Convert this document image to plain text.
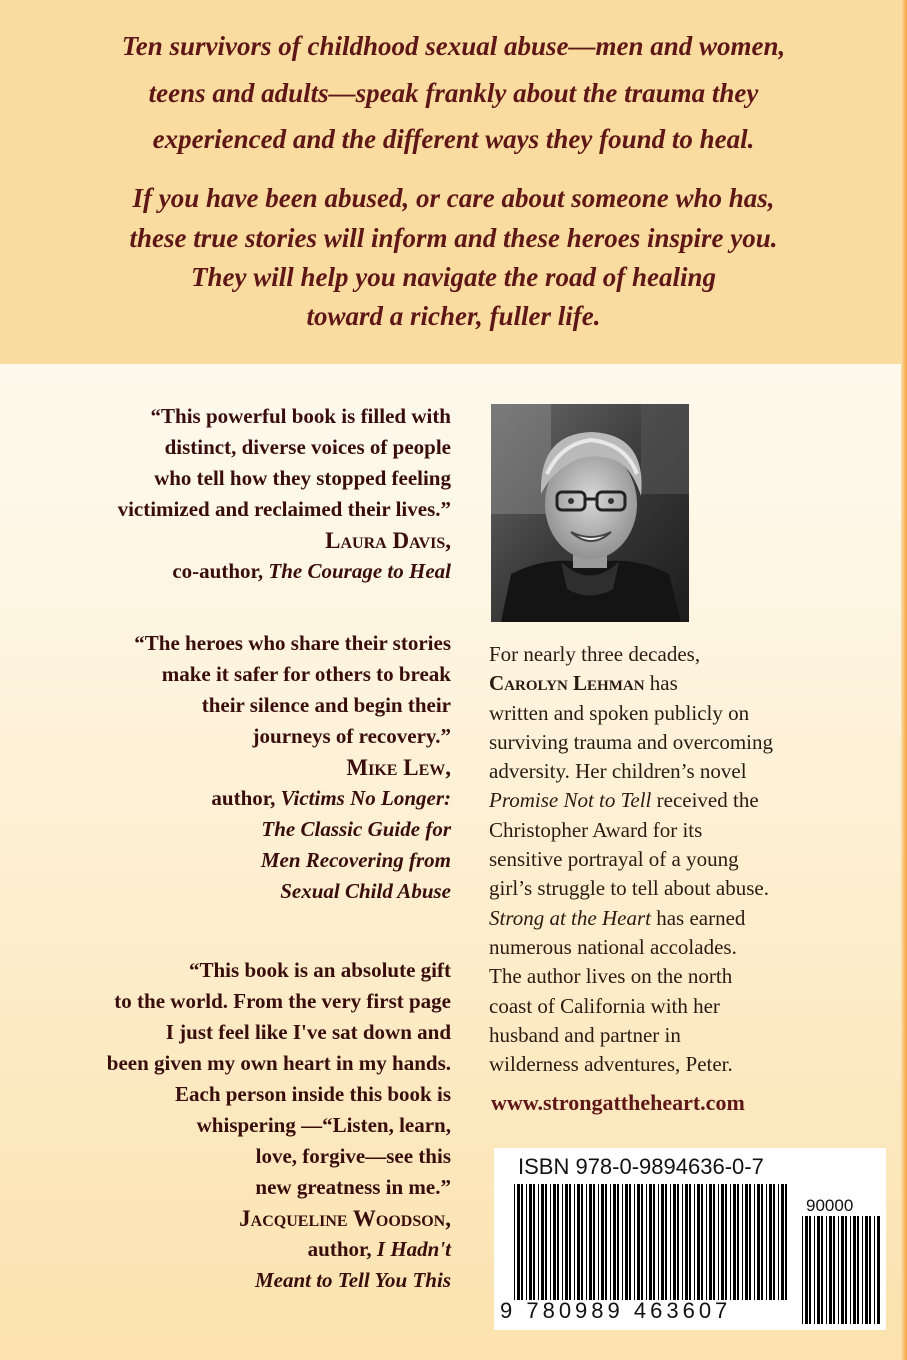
Ten survivors of childhood sexual abuse—men and women,

teens and adults—speak frankly about the trauma they

experienced and the different ways they found to heal.

If you have been abused, or care about someone who has,

these true stories will inform and these heroes inspire you.

They will help you navigate the road of healing

toward a richer, fuller life.

“This powerful book is filled with
distinct, diverse voices of people
who tell how they stopped feeling
victimized and reclaimed their lives.”
Laura Davis,
co-author, The Courage to Heal
“The heroes who share their stories
make it safer for others to break
their silence and begin their
journeys of recovery.”
Mike Lew,
author, Victims No Longer:
The Classic Guide for
Men Recovering from
Sexual Child Abuse
“This book is an absolute gift
to the world. From the very first page
I just feel like I've sat down and
been given my own heart in my hands.
Each person inside this book is
whispering —“Listen, learn,
love, forgive—see this
new greatness in me.”
Jacqueline Woodson,
author, I Hadn't
Meant to Tell You This
For nearly three decades,
Carolyn Lehman has
written and spoken publicly on
surviving trauma and overcoming
adversity. Her children’s novel
Promise Not to Tell received the
Christopher Award for its
sensitive portrayal of a young
girl’s struggle to tell about abuse.
Strong at the Heart has earned
numerous national accolades.
The author lives on the north
coast of California with her
husband and partner in
wilderness adventures, Peter.
www.strongattheheart.com
ISBN 978-0-9894636-0-7
90000
9 780989 463607
